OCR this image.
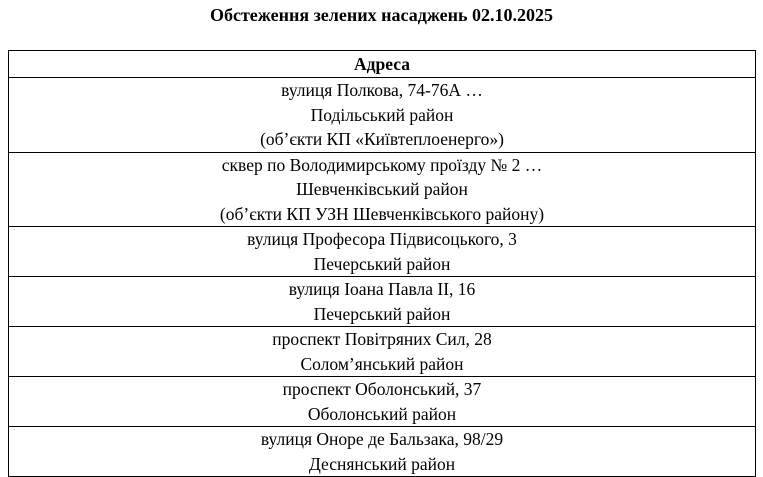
Обстеження зелених насаджень 02.10.2025
Адреса

вулиця Полкова, 74-76А …
Подільський район
(об’єкти КП «Київтеплоенерго»)

сквер по Володимирському проїзду № 2 …
Шевченківський район
(об’єкти КП УЗН Шевченківського району)

вулиця Професора Підвисоцького, 3
Печерський район

вулиця Іоана Павла ІІ, 16
Печерський район

проспект Повітряних Сил, 28
Солом’янський район

проспект Оболонський, 37
Оболонський район

вулиця Оноре де Бальзака, 98/29
Деснянський район
